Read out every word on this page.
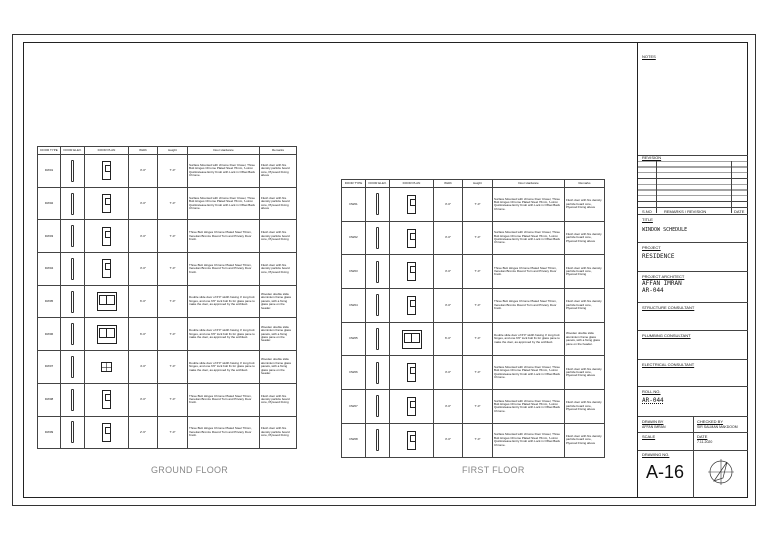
DOOR TYPE	DOOR ELEV.	DOOR PLAN	Width	Height	Door Hardware	Remarks
DW01			3'-0"	7'-0"	Surface Mounted with chrome Door Closer, Three Butt Hinges Chrome Plated Steel 76mm, 'Lutron Quickrelease Entry Knob with Lock in Offset Back Chrome.	Flush door with fire density particle board core, Plywood Fixing above
DW02			3'-0"	7'-0"	Surface Mounted with chrome Door Closer, Three Butt Hinges Chrome Plated Steel 76mm, 'Lutron Quickrelease Entry Knob with Lock in Offset Back Chrome.	Flush door with fire density particle board core, Plywood Fixing above
DW03			3'-0"	7'-0"	Three Butt Hinges Chrome Plated Steel 76mm, Venetian Bronze Round Turn and Privacy Door Knob.	Flush door with fire density particle board core, Plywood Fixing
DW04			3'-0"	7'-0"	Three Butt Hinges Chrome Plated Steel 76mm, Venetian Bronze Round Turn and Privacy Door Knob.	Flush door with fire density particle board core, Plywood Fixing
DW05			6'-0"	7'-0"	Double slide door of 6'0" width having 4' long butt hinges, and one 6'0" lock bolt fix for glass pane to make the door, as approved by the architect.	Wooden double slide aluminium frame glass panels, with a fixing glass pane on the header.
DW06			6'-0"	7'-0"	Double slide door of 6'0" width having 4' long butt hinges, and one 6'0" lock bolt fix for glass pane to make the door, as approved by the architect.	Wooden double slide aluminium frame glass panels, with a fixing glass pane on the header.
DW07			4'-0"	7'-0"	Double slide door of 6'0" width having 4' long butt hinges, and one 6'0" lock bolt fix for glass pane to make the door, as approved by the architect.	Wooden double slide aluminium frame glass panels, with a fixing glass pane on the header.
DW08			3'-0"	7'-0"	Three Butt Hinges Chrome Plated Steel 76mm, Venetian Bronze Round Turn and Privacy Door Knob.	Flush door with fire density particle board core, Plywood Fixing
DW09			2'-6"	7'-0"	Three Butt Hinges Chrome Plated Steel 76mm, Venetian Bronze Round Turn and Privacy Door Knob.	Flush door with fire density particle board core, Plywood Fixing
DOOR TYPE	DOOR ELEV.	DOOR PLAN	Width	Height	Door Hardware	Remarks
DW01			3'-0"	7'-0"	Surface Mounted with chrome Door Closer, Three Butt Hinges Chrome Plated Steel 76mm, 'Lutron Quickrelease Entry Knob with Lock in Offset Back Chrome.	Flush door with fire density particle board core, Plywood Fixing above
DW02			3'-0"	7'-0"	Surface Mounted with chrome Door Closer, Three Butt Hinges Chrome Plated Steel 76mm, 'Lutron Quickrelease Entry Knob with Lock in Offset Back Chrome.	Flush door with fire density particle board core, Plywood Fixing above
DW03			3'-0"	7'-0"	Three Butt Hinges Chrome Plated Steel 76mm, Venetian Bronze Round Turn and Privacy Door Knob.	Flush door with fire density particle board core, Plywood Fixing
DW04			3'-0"	7'-0"	Three Butt Hinges Chrome Plated Steel 76mm, Venetian Bronze Round Turn and Privacy Door Knob.	Flush door with fire density particle board core, Plywood Fixing
DW05			6'-0"	7'-0"	Double slide door of 6'0" width having 4' long butt hinges, and one 6'0" lock bolt fix for glass pane to make the door, as approved by the architect.	Wooden double slide aluminium frame glass panels, with a fixing glass pane on the header.
DW06			3'-0"	7'-0"	Surface Mounted with chrome Door Closer, Three Butt Hinges Chrome Plated Steel 76mm, 'Lutron Quickrelease Entry Knob with Lock in Offset Back Chrome.	Flush door with fire density particle board core, Plywood Fixing above
DW07			3'-0"	7'-0"	Surface Mounted with chrome Door Closer, Three Butt Hinges Chrome Plated Steel 76mm, 'Lutron Quickrelease Entry Knob with Lock in Offset Back Chrome.	Flush door with fire density particle board core, Plywood Fixing above
DW08			3'-0"	7'-0"	Surface Mounted with chrome Door Closer, Three Butt Hinges Chrome Plated Steel 76mm, 'Lutron Quickrelease Entry Knob with Lock in Offset Back Chrome.	Flush door with fire density particle board core, Plywood Fixing above
GROUND FLOOR	FIRST FLOOR
NOTES
REVISION
S.NO	REMARKS / REVISION	DATE
TITLE
WINDOW SCHEDULE
PROJECT
RESIDENCE
PROJECT ARCHITECT
AFFAN IMRAN
AR-044
STRUCTURE CONSULTANT
PLUMBING CONSULTANT
ELECTRICAL CONSULTANT
ROLL NO.
AR-044
DRAWN BY
AFFAN IMRAN
CHECKED BY
SIR SALMAN MAKDOOM
SCALE	DATE
7.11.2020
DRAWING NO.
A-16
